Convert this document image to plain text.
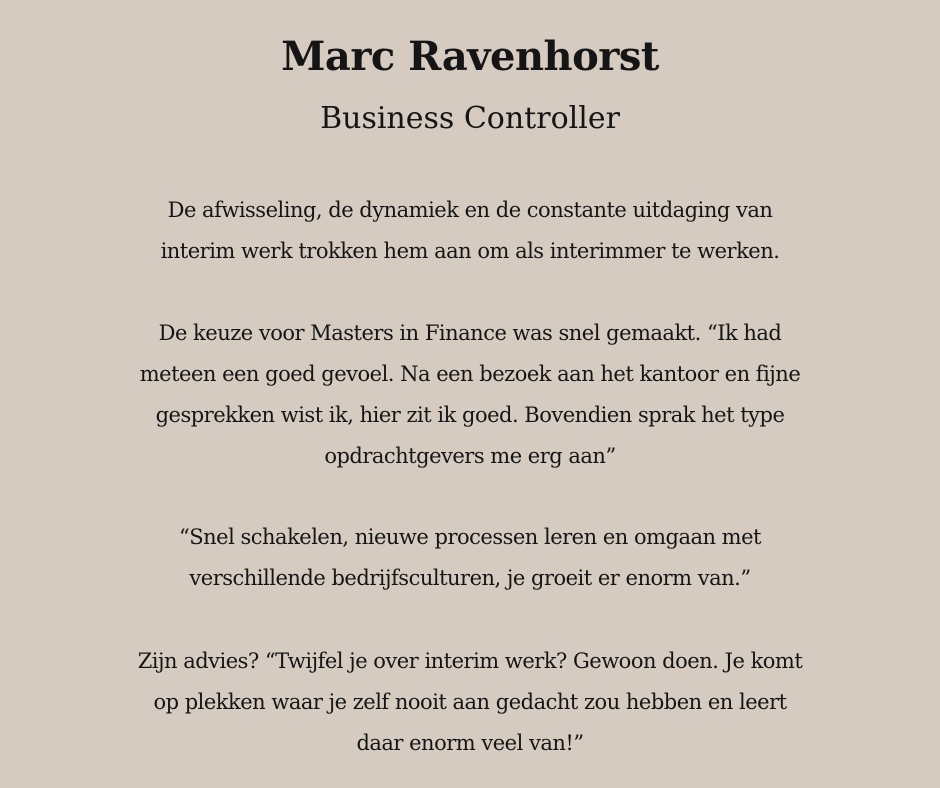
Marc Ravenhorst
Business Controller

De afwisseling, de dynamiek en de constante uitdaging van
interim werk trokken hem aan om als interimmer te werken.

De keuze voor Masters in Finance was snel gemaakt. “Ik had
meteen een goed gevoel. Na een bezoek aan het kantoor en fijne
gesprekken wist ik, hier zit ik goed. Bovendien sprak het type
opdrachtgevers me erg aan”

“Snel schakelen, nieuwe processen leren en omgaan met
verschillende bedrijfsculturen, je groeit er enorm van.”

Zijn advies? “Twijfel je over interim werk? Gewoon doen. Je komt
op plekken waar je zelf nooit aan gedacht zou hebben en leert
daar enorm veel van!”
